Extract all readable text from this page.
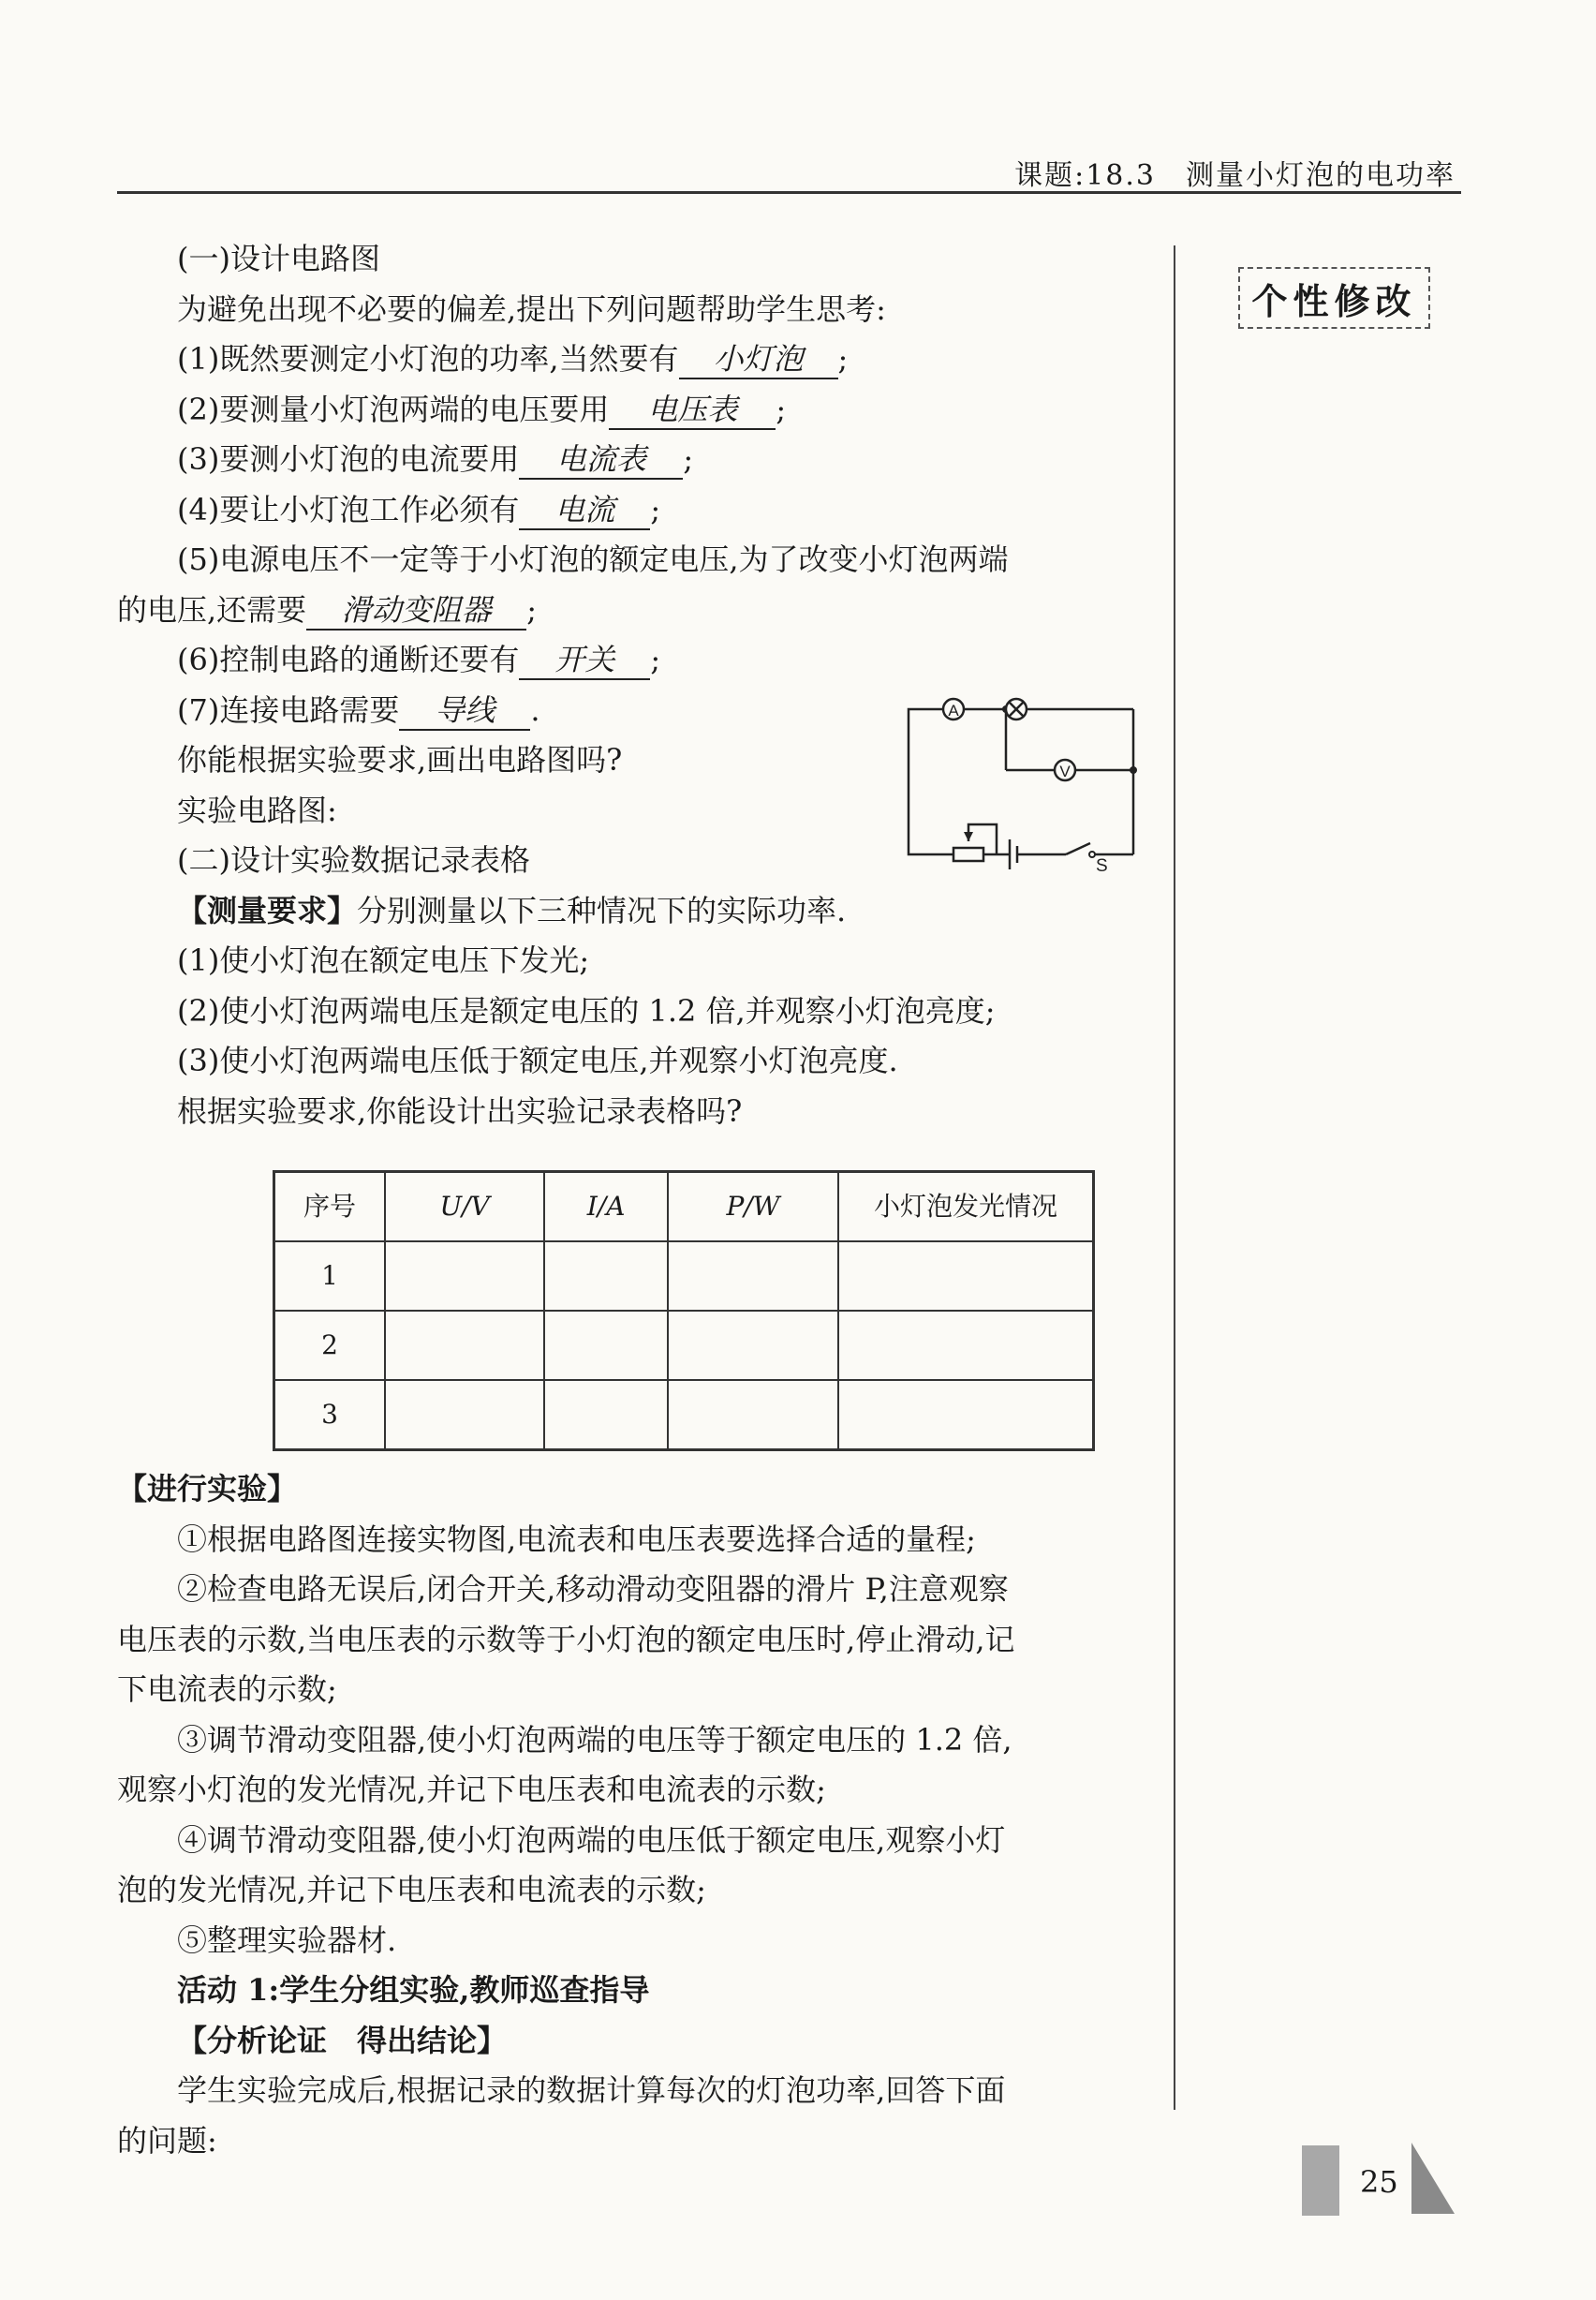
课题:18.3　测量小灯泡的电功率
个性修改

(一)设计电路图

为避免出现不必要的偏差,提出下列问题帮助学生思考:

(1)既然要测定小灯泡的功率,当然要有 小灯泡 ;

(2)要测量小灯泡两端的电压要用 电压表 ;

(3)要测小灯泡的电流要用 电流表 ;

(4)要让小灯泡工作必须有 电流 ;

(5)电源电压不一定等于小灯泡的额定电压,为了改变小灯泡两端

的电压,还需要 滑动变阻器 ;

(6)控制电路的通断还要有 开关 ;

(7)连接电路需要 导线 .

你能根据实验要求,画出电路图吗?

实验电路图:

(二)设计实验数据记录表格

【测量要求】分别测量以下三种情况下的实际功率.

(1)使小灯泡在额定电压下发光;

(2)使小灯泡两端电压是额定电压的 1.2 倍,并观察小灯泡亮度;

(3)使小灯泡两端电压低于额定电压,并观察小灯泡亮度.

根据实验要求,你能设计出实验记录表格吗?

序号	U/V	I/A	P/W	小灯泡发光情况
1				
2				
3				

【进行实验】

①根据电路图连接实物图,电流表和电压表要选择合适的量程;

②检查电路无误后,闭合开关,移动滑动变阻器的滑片 P,注意观察

电压表的示数,当电压表的示数等于小灯泡的额定电压时,停止滑动,记

下电流表的示数;

③调节滑动变阻器,使小灯泡两端的电压等于额定电压的 1.2 倍,

观察小灯泡的发光情况,并记下电压表和电流表的示数;

④调节滑动变阻器,使小灯泡两端的电压低于额定电压,观察小灯

泡的发光情况,并记下电压表和电流表的示数;

⑤整理实验器材.

活动 1:学生分组实验,教师巡查指导

【分析论证　得出结论】

学生实验完成后,根据记录的数据计算每次的灯泡功率,回答下面

的问题:

A
V
S
25
